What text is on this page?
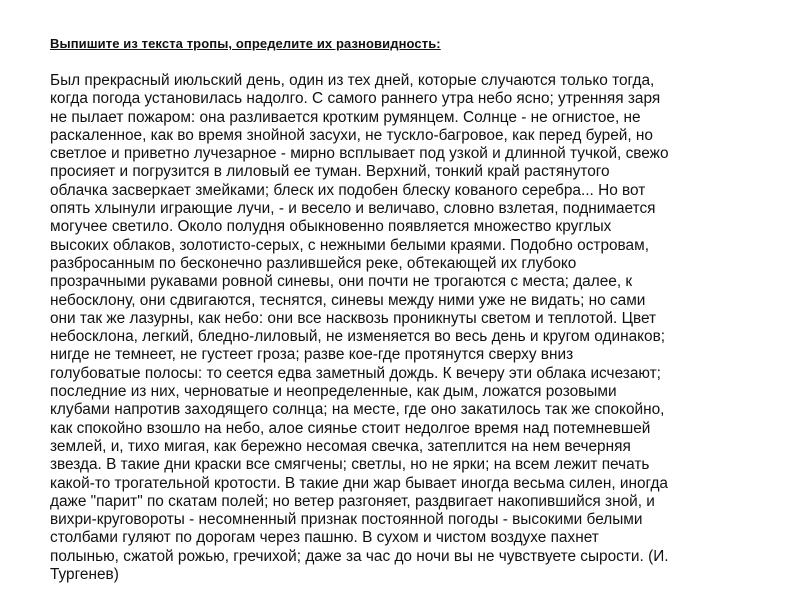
Выпишите из текста тропы, определите их разновидность:
Был прекрасный июльский день, один из тех дней, которые случаются только тогда,
когда погода установилась надолго. С самого раннего утра небо ясно; утренняя заря
не пылает пожаром: она разливается кротким румянцем. Солнце - не огнистое, не
раскаленное, как во время знойной засухи, не тускло-багровое, как перед бурей, но
светлое и приветно лучезарное - мирно всплывает под узкой и длинной тучкой, свежо
просияет и погрузится в лиловый ее туман. Верхний, тонкий край растянутого
облачка засверкает змейками; блеск их подобен блеску кованого серебра... Но вот
опять хлынули играющие лучи, - и весело и величаво, словно взлетая, поднимается
могучее светило. Около полудня обыкновенно появляется множество круглых
высоких облаков, золотисто-серых, с нежными белыми краями. Подобно островам,
разбросанным по бесконечно разлившейся реке, обтекающей их глубоко
прозрачными рукавами ровной синевы, они почти не трогаются с места; далее, к
небосклону, они сдвигаются, теснятся, синевы между ними уже не видать; но сами
они так же лазурны, как небо: они все насквозь проникнуты светом и теплотой. Цвет
небосклона, легкий, бледно-лиловый, не изменяется во весь день и кругом одинаков;
нигде не темнеет, не густеет гроза; разве кое-где протянутся сверху вниз
голубоватые полосы: то сеется едва заметный дождь. К вечеру эти облака исчезают;
последние из них, черноватые и неопределенные, как дым, ложатся розовыми
клубами напротив заходящего солнца; на месте, где оно закатилось так же спокойно,
как спокойно взошло на небо, алое сиянье стоит недолгое время над потемневшей
землей, и, тихо мигая, как бережно несомая свечка, затеплится на нем вечерняя
звезда. В такие дни краски все смягчены; светлы, но не ярки; на всем лежит печать
какой-то трогательной кротости. В такие дни жар бывает иногда весьма силен, иногда
даже "парит" по скатам полей; но ветер разгоняет, раздвигает накопившийся зной, и
вихри-круговороты - несомненный признак постоянной погоды - высокими белыми
столбами гуляют по дорогам через пашню. В сухом и чистом воздухе пахнет
полынью, сжатой рожью, гречихой; даже за час до ночи вы не чувствуете сырости. (И.
Тургенев)
